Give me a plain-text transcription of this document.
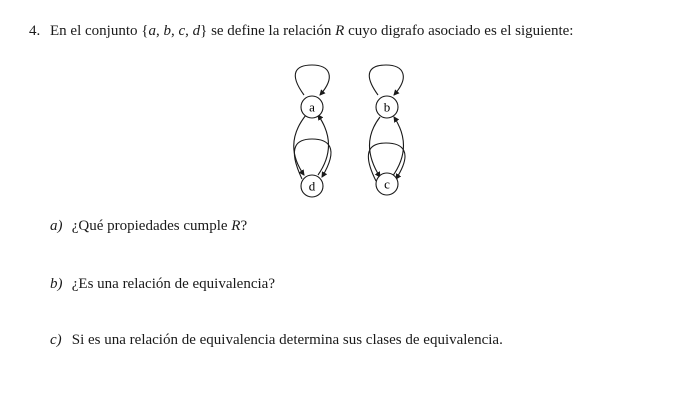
4. En el conjunto {a, b, c, d} se define la relación R cuyo digrafo asociado es el siguiente:
a	b
c
d
a) ¿Qué propiedades cumple R?
b) ¿Es una relación de equivalencia?
c) Si es una relación de equivalencia determina sus clases de equivalencia.
